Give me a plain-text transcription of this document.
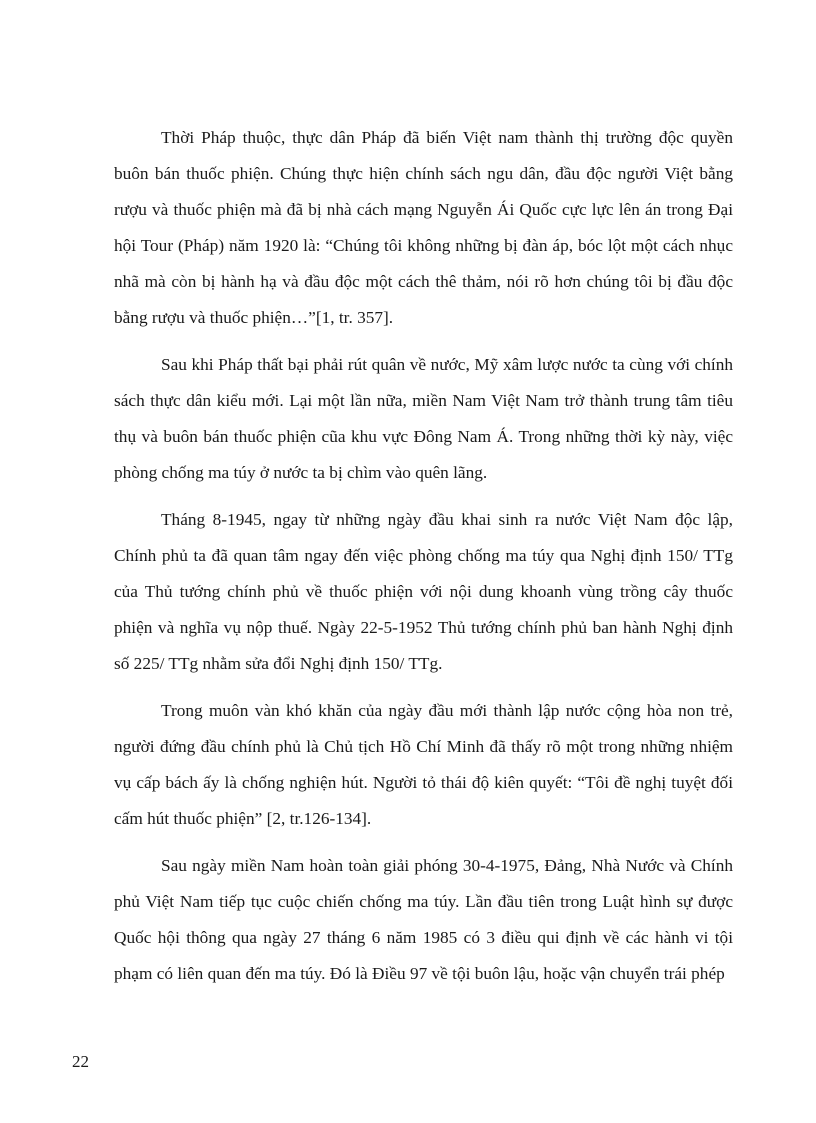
Thời Pháp thuộc, thực dân Pháp đã biến Việt nam thành thị trường độc quyền buôn bán thuốc phiện. Chúng thực hiện chính sách ngu dân, đầu độc người Việt bằng rượu và thuốc phiện mà đã bị nhà cách mạng Nguyễn Ái Quốc cực lực lên án trong Đại hội Tour (Pháp) năm 1920 là: “Chúng tôi không những bị đàn áp, bóc lột một cách nhục nhã mà còn bị hành hạ và đầu độc một cách thê thảm, nói rõ hơn chúng tôi bị đầu độc bằng rượu và thuốc phiện…”[1, tr. 357].

Sau khi Pháp thất bại phải rút quân về nước, Mỹ xâm lược nước ta cùng với chính sách thực dân kiểu mới. Lại một lần nữa, miền Nam Việt Nam trở thành trung tâm tiêu thụ và buôn bán thuốc phiện cũa khu vực Đông Nam Á. Trong những thời kỳ này, việc phòng chống ma túy ở nước ta bị chìm vào quên lãng.

Tháng 8-1945, ngay từ những ngày đầu khai sinh ra nước Việt Nam độc lập, Chính phủ ta đã quan tâm ngay đến việc phòng chống ma túy qua Nghị định 150/ TTg của Thủ tướng chính phủ về thuốc phiện với nội dung khoanh vùng trồng cây thuốc phiện và nghĩa vụ nộp thuế. Ngày 22-5-1952 Thủ tướng chính phủ ban hành Nghị định số 225/ TTg nhằm sửa đổi Nghị định 150/ TTg.

Trong muôn vàn khó khăn của ngày đầu mới thành lập nước cộng hòa non trẻ, người đứng đầu chính phủ là Chủ tịch Hồ Chí Minh đã thấy rõ một trong những nhiệm vụ cấp bách ấy là chống nghiện hút. Người tỏ thái độ kiên quyết: “Tôi đề nghị tuyệt đối cấm hút thuốc phiện” [2, tr.126-134].

Sau ngày miền Nam hoàn toàn giải phóng 30-4-1975, Đảng, Nhà Nước và Chính phủ Việt Nam tiếp tục cuộc chiến chống ma túy. Lần đầu tiên trong Luật hình sự được Quốc hội thông qua ngày 27 tháng 6 năm 1985 có 3 điều qui định về các hành vi tội phạm có liên quan đến ma túy. Đó là Điều 97 về tội buôn lậu, hoặc vận chuyển trái phép

22
